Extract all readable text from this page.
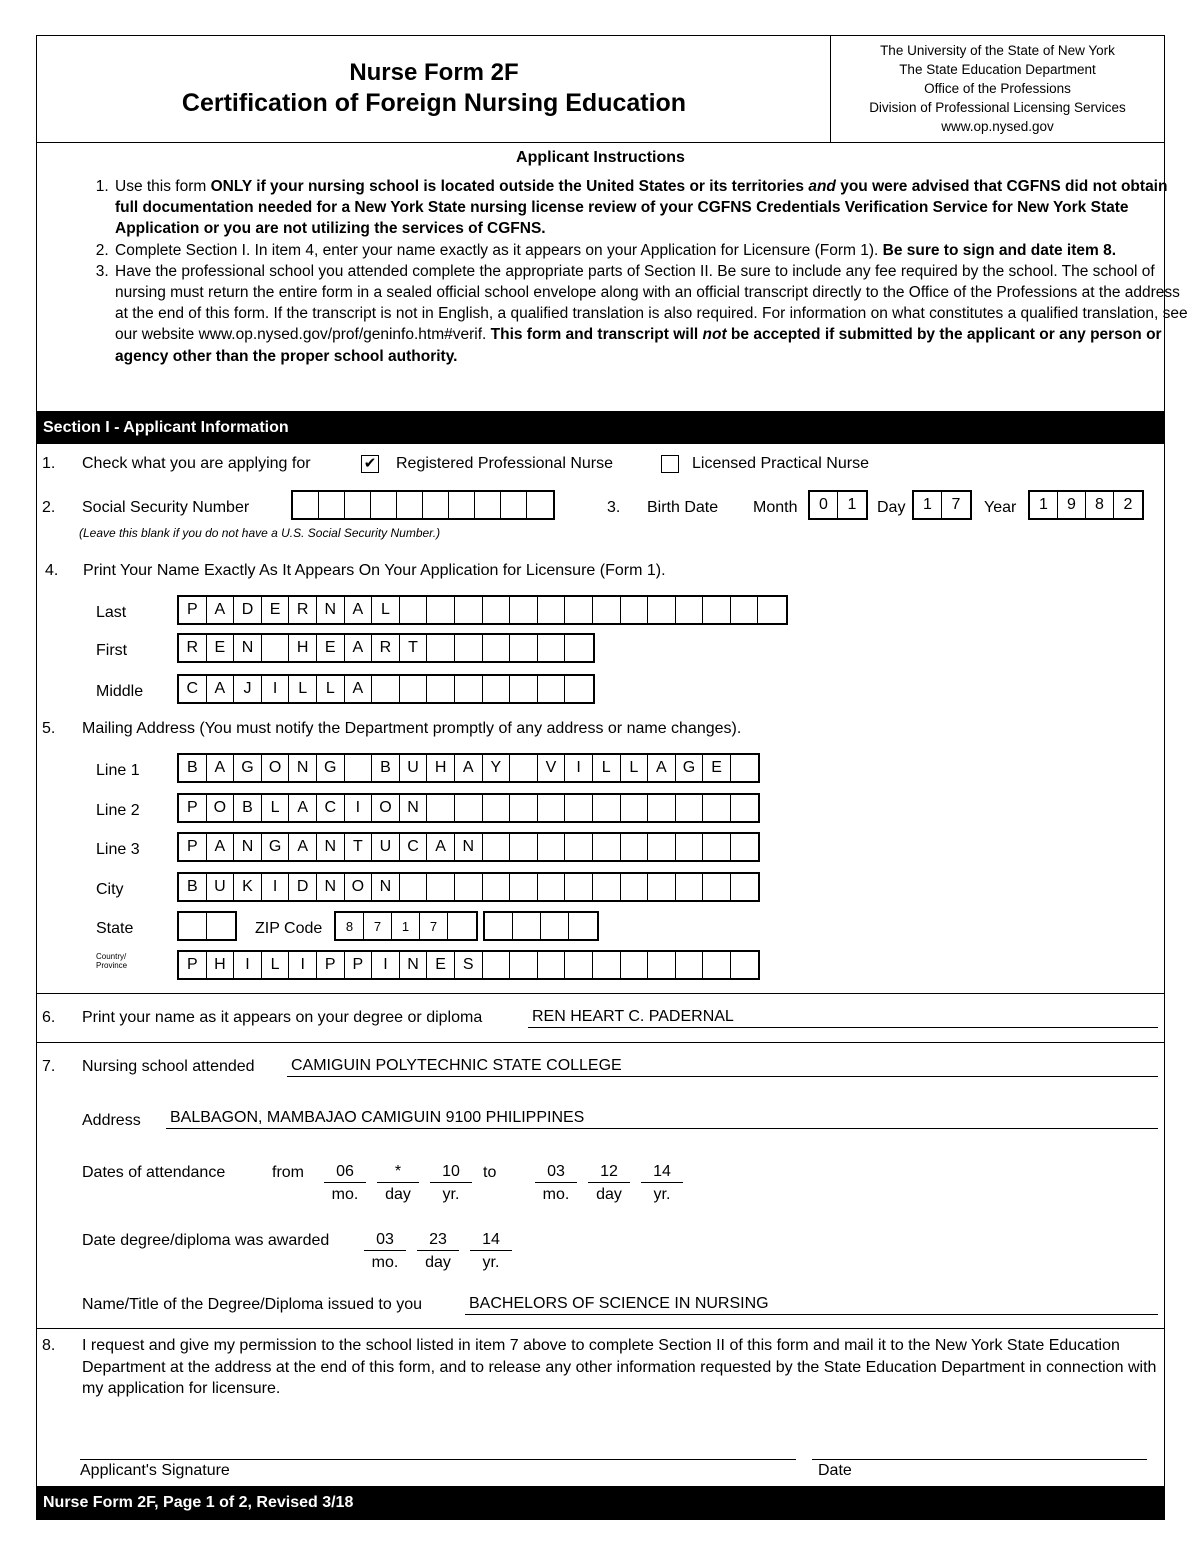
Nurse Form 2F
Certification of Foreign Nursing Education
The University of the State of New York
The State Education Department
Office of the Professions
Division of Professional Licensing Services
www.op.nysed.gov
Applicant Instructions
1. Use this form ONLY if your nursing school is located outside the United States or its territories and you were advised that CGFNS did not obtain full documentation needed for a New York State nursing license review of your CGFNS Credentials Verification Service for New York State Application or you are not utilizing the services of CGFNS.
2. Complete Section I. In item 4, enter your name exactly as it appears on your Application for Licensure (Form 1). Be sure to sign and date item 8.
3. Have the professional school you attended complete the appropriate parts of Section II. Be sure to include any fee required by the school. The school of nursing must return the entire form in a sealed official school envelope along with an official transcript directly to the Office of the Professions at the address at the end of this form. If the transcript is not in English, a qualified translation is also required. For information on what constitutes a qualified translation, see our website www.op.nysed.gov/prof/geninfo.htm#verif. This form and transcript will not be accepted if submitted by the applicant or any person or agency other than the proper school authority.
Section I - Applicant Information
1. Check what you are applying for	✔ Registered Professional Nurse	Licensed Practical Nurse
2. Social Security Number
(Leave this blank if you do not have a U.S. Social Security Number.)
3. Birth Date Month	0	1	Day	1	7	Year	1	9	8	2
4. Print Your Name Exactly As It Appears On Your Application for Licensure (Form 1).
Last	P	A	D	E	R	N	A	L
First	R	E	N	H	E	A	R	T
Middle	C	A	J	I	L	L	A
5. Mailing Address (You must notify the Department promptly of any address or name changes).
Line 1	B	A	G O N G	B	U	H	A	Y	V	I	L	L	A	G	E
Line 2	P	O	B	L	A	C	I	O N
Line 3	P	A	N G	A	N	T	U	C	A	N
City	B	U	K	I	D	N O N
State	ZIP Code	8	7	1	7
Country/
Province	P	H	I	L	I	P	P	I	N	E	S
6. Print your name as it appears on your degree or diploma	REN HEART C. PADERNAL
7. Nursing school attended CAMIGUIN POLYTECHNIC STATE COLLEGE
Address BALBAGON, MAMBAJAO CAMIGUIN 9100 PHILIPPINES
Dates of attendance	from	06	*	10
mo.	day	yr.
to	03	12	14
mo.	day	yr.
Date degree/diploma was awarded	03	23	14
mo.	day	yr.
Name/Title of the Degree/Diploma issued to you	BACHELORS OF SCIENCE IN NURSING
8. I request and give my permission to the school listed in item 7 above to complete Section II of this form and mail it to the New York State Education Department at the address at the end of this form, and to release any other information requested by the State Education Department in connection with my application for licensure.
Applicant's Signature	Date
Nurse Form 2F, Page 1 of 2, Revised 3/18
